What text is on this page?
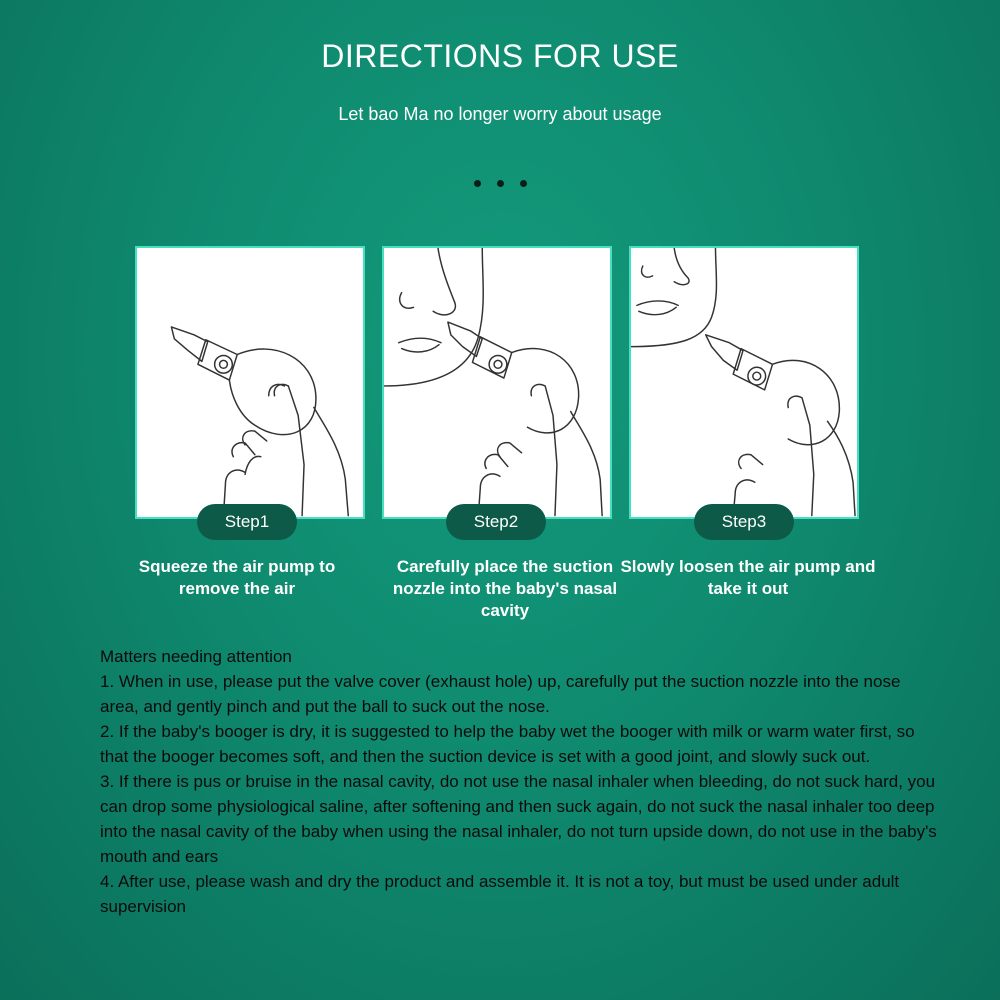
DIRECTIONS FOR USE
Let bao Ma no longer worry about usage
Step1
Squeeze the air pump to remove the air
Step2
Carefully place the suction nozzle into the baby's nasal cavity
Step3
Slowly loosen the air pump and take it out

Matters needing attention

1. When in use, please put the valve cover (exhaust hole) up, carefully put the suction nozzle into the nose area, and gently pinch and put the ball to suck out the nose.

2. If the baby's booger is dry, it is suggested to help the baby wet the booger with milk or warm water first, so that the booger becomes soft, and then the suction device is set with a good joint, and slowly suck out.

3. If there is pus or bruise in the nasal cavity, do not use the nasal inhaler when bleeding, do not suck hard, you can drop some physiological saline, after softening and then suck again, do not suck the nasal inhaler too deep into the nasal cavity of the baby when using the nasal inhaler, do not turn upside down, do not use in the baby's mouth and ears

4. After use, please wash and dry the product and assemble it. It is not a toy, but must be used under adult supervision
